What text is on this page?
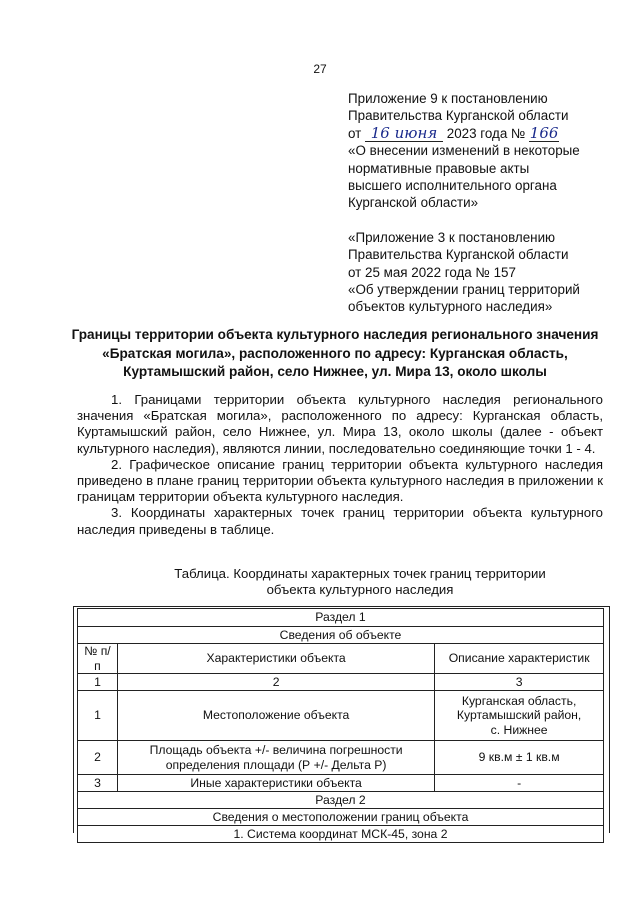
27
Приложение 9 к постановлению
Правительства Курганской области
от 16 июня 2023 года № 166
«О внесении изменений в некоторые
нормативные правовые акты
высшего исполнительного органа
Курганской области»
«Приложение 3 к постановлению
Правительства Курганской области
от 25 мая 2022 года № 157
«Об утверждении границ территорий
объектов культурного наследия»
Границы территории объекта культурного наследия регионального значения «Братская могила», расположенного по адресу: Курганская область, Куртамышский район, село Нижнее, ул. Мира 13, около школы

1. Границами территории объекта культурного наследия регионального значения «Братская могила», расположенного по адресу: Курганская область, Куртамышский район, село Нижнее, ул. Мира 13, около школы (далее - объект культурного наследия), являются линии, последовательно соединяющие точки 1 - 4.

2. Графическое описание границ территории объекта культурного наследия приведено в плане границ территории объекта культурного наследия в приложении к границам территории объекта культурного наследия.

3. Координаты характерных точек границ территории объекта культурного наследия приведены в таблице.

Таблица. Координаты характерных точек границ территории
объекта культурного наследия
Раздел 1		
Сведения об объекте		
№ п/п	Характеристики объекта	Описание характеристик
1	2	3
1	Местоположение объекта	Курганская область,
Куртамышский район,
с. Нижнее

2	Площадь объекта +/- величина погрешности
определения площади (Р +/- Дельта Р)	9 кв.м ± 1 кв.м
3	Иные характеристики объекта	-
Раздел 2		
Сведения о местоположении границ объекта		
1. Система координат МСК-45, зона 2		
